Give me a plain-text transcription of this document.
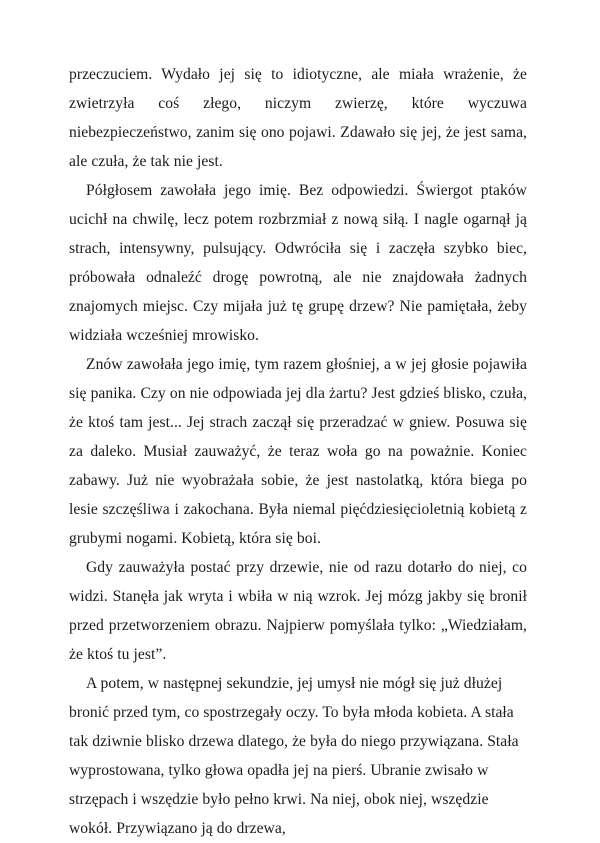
przeczuciem. Wydało jej się to idiotyczne, ale miała wrażenie, że zwietrzyła coś złego, niczym zwierzę, które wyczuwa niebezpieczeństwo, zanim się ono pojawi. Zdawało się jej, że jest sama, ale czuła, że tak nie jest.

Półgłosem zawołała jego imię. Bez odpowiedzi. Świergot ptaków ucichł na chwilę, lecz potem rozbrzmiał z nową siłą. I nagle ogarnął ją strach, intensywny, pulsujący. Odwróciła się i zaczęła szybko biec, próbowała odnaleźć drogę powrotną, ale nie znajdowała żadnych znajomych miejsc. Czy mijała już tę grupę drzew? Nie pamiętała, żeby widziała wcześniej mrowisko.

Znów zawołała jego imię, tym razem głośniej, a w jej głosie pojawiła się panika. Czy on nie odpowiada jej dla żartu? Jest gdzieś blisko, czuła, że ktoś tam jest... Jej strach zaczął się przeradzać w gniew. Posuwa się za daleko. Musiał zauważyć, że teraz woła go na poważnie. Koniec zabawy. Już nie wyobrażała sobie, że jest nastolatką, która biega po lesie szczęśliwa i zakochana. Była niemal pięćdziesięcioletnią kobietą z grubymi nogami. Kobietą, która się boi.

Gdy zauważyła postać przy drzewie, nie od razu dotarło do niej, co widzi. Stanęła jak wryta i wbiła w nią wzrok. Jej mózg jakby się bronił przed przetworzeniem obrazu. Najpierw pomyślała tylko: „Wiedziałam, że ktoś tu jest”.

A potem, w następnej sekundzie, jej umysł nie mógł się już dłużej bronić przed tym, co spostrzegały oczy. To była młoda kobieta. A stała tak dziwnie blisko drzewa dlatego, że była do niego przywiązana. Stała wyprostowana, tylko głowa opadła jej na pierś. Ubranie zwisało w strzępach i wszędzie było pełno krwi. Na niej, obok niej, wszędzie wokół. Przywiązano ją do drzewa,
